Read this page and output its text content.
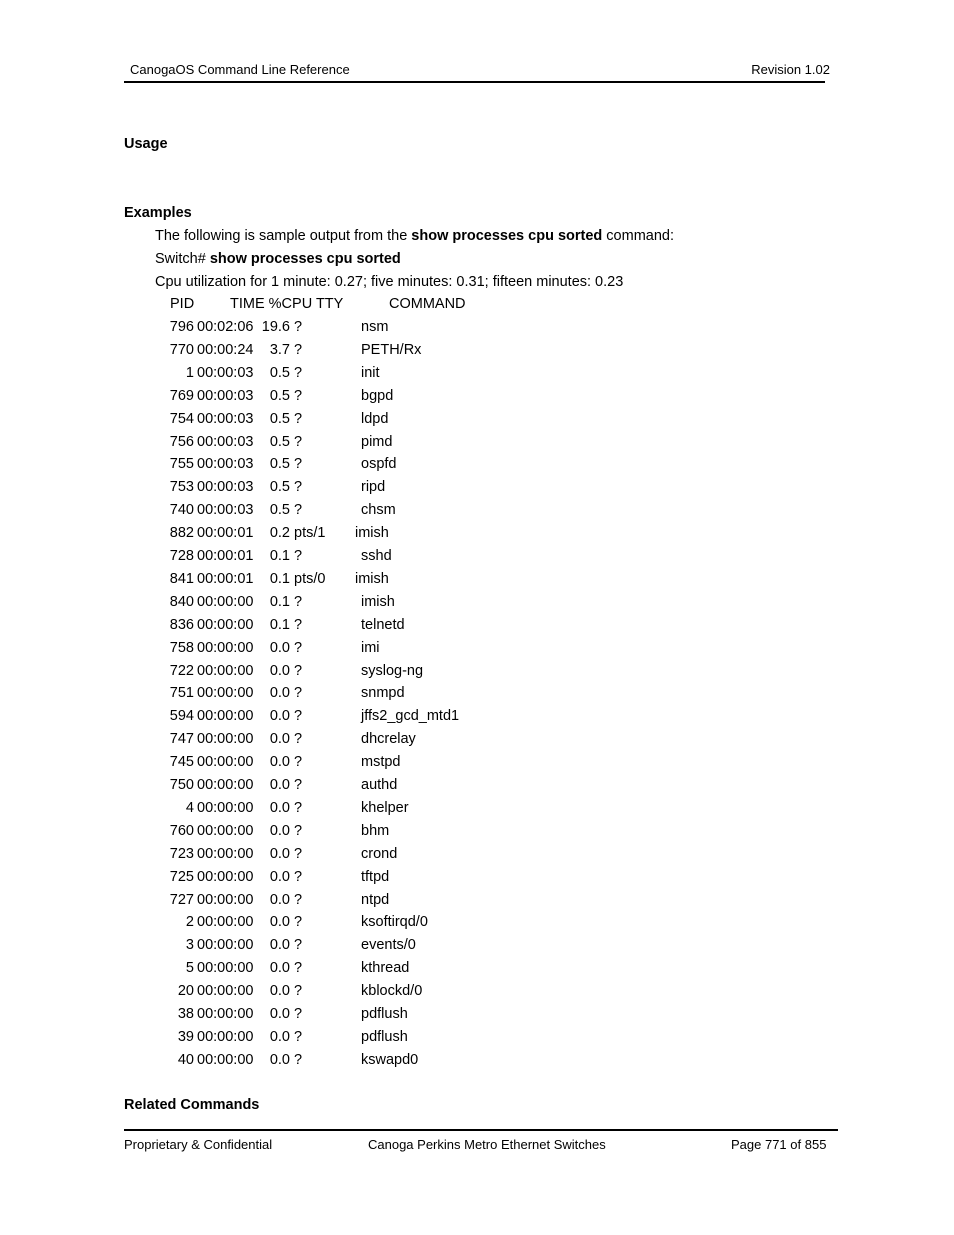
CanogaOS Command Line Reference	Revision 1.02
Usage
Examples
The following is sample output from the show processes cpu sorted command:
Switch# show processes cpu sorted
Cpu utilization for 1 minute: 0.27; five minutes: 0.31; fifteen minutes: 0.23
PID TIME %CPU TTY	COMMAND
796 00:02:06 19.6 ?	nsm
770 00:00:24	3.7 ?	PETH/Rx
1 00:00:03	0.5 ?	init
769 00:00:03	0.5 ?	bgpd
754 00:00:03	0.5 ?	ldpd
756 00:00:03	0.5 ?	pimd
755 00:00:03	0.5 ?	ospfd
753 00:00:03	0.5 ?	ripd
740 00:00:03	0.5 ?	chsm
882 00:00:01	0.2 pts/1 imish
728 00:00:01	0.1 ?	sshd
841 00:00:01	0.1 pts/0 imish
840 00:00:00	0.1 ?	imish
836 00:00:00	0.1 ?	telnetd
758 00:00:00	0.0 ?	imi
722 00:00:00	0.0 ?	syslog-ng
751 00:00:00	0.0 ?	snmpd
594 00:00:00	0.0 ?	jffs2_gcd_mtd1
747 00:00:00	0.0 ?	dhcrelay
745 00:00:00	0.0 ?	mstpd
750 00:00:00	0.0 ?	authd
4 00:00:00	0.0 ?	khelper
760 00:00:00	0.0 ?	bhm
723 00:00:00	0.0 ?	crond
725 00:00:00	0.0 ?	tftpd
727 00:00:00	0.0 ?	ntpd
2 00:00:00	0.0 ?	ksoftirqd/0
3 00:00:00	0.0 ?	events/0
5 00:00:00	0.0 ?	kthread
20 00:00:00	0.0 ?	kblockd/0
38 00:00:00	0.0 ?	pdflush
39 00:00:00	0.0 ?	pdflush
40 00:00:00	0.0 ?	kswapd0
Related Commands
Proprietary & Confidential	Canoga Perkins Metro Ethernet Switches	Page 771 of 855
